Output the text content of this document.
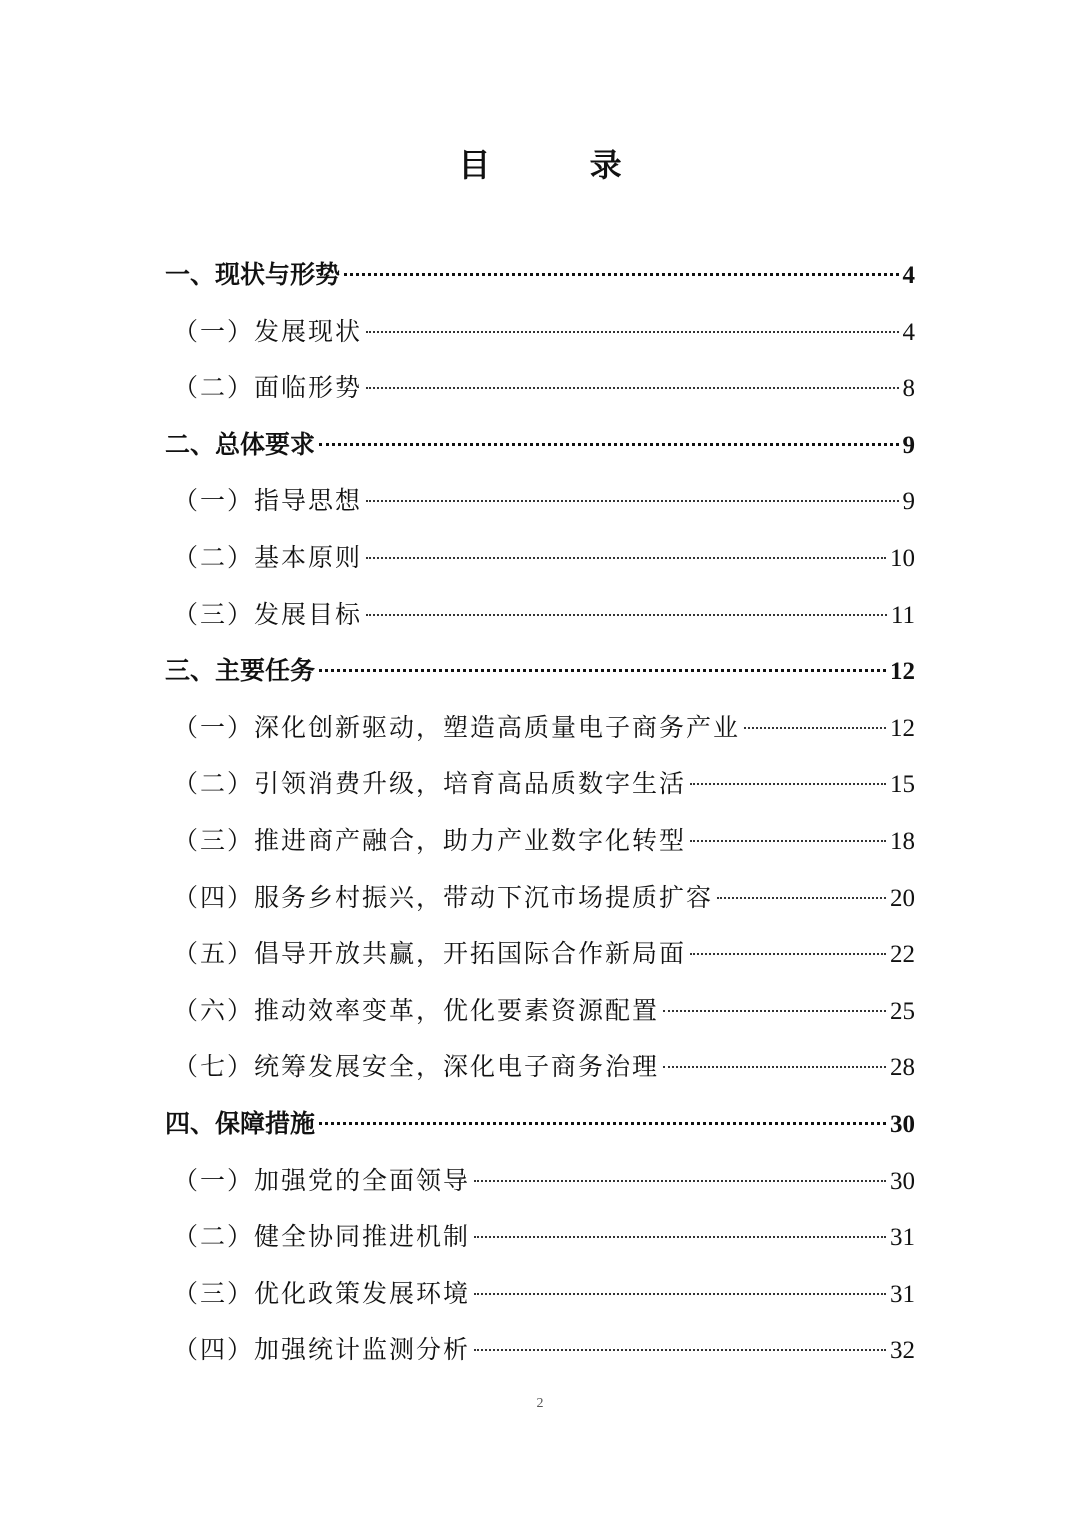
目 录
一、现状与形势	4
（一）发展现状	4
（二）面临形势	8
二、总体要求	9
（一）指导思想	9
（二）基本原则	10
（三）发展目标	11
三、主要任务	12
（一）深化创新驱动，塑造高质量电子商务产业	12
（二）引领消费升级，培育高品质数字生活	15
（三）推进商产融合，助力产业数字化转型	18
（四）服务乡村振兴，带动下沉市场提质扩容	20
（五）倡导开放共赢，开拓国际合作新局面	22
（六）推动效率变革，优化要素资源配置	25
（七）统筹发展安全，深化电子商务治理	28
四、保障措施	30
（一）加强党的全面领导	30
（二）健全协同推进机制	31
（三）优化政策发展环境	31
（四）加强统计监测分析	32
2
